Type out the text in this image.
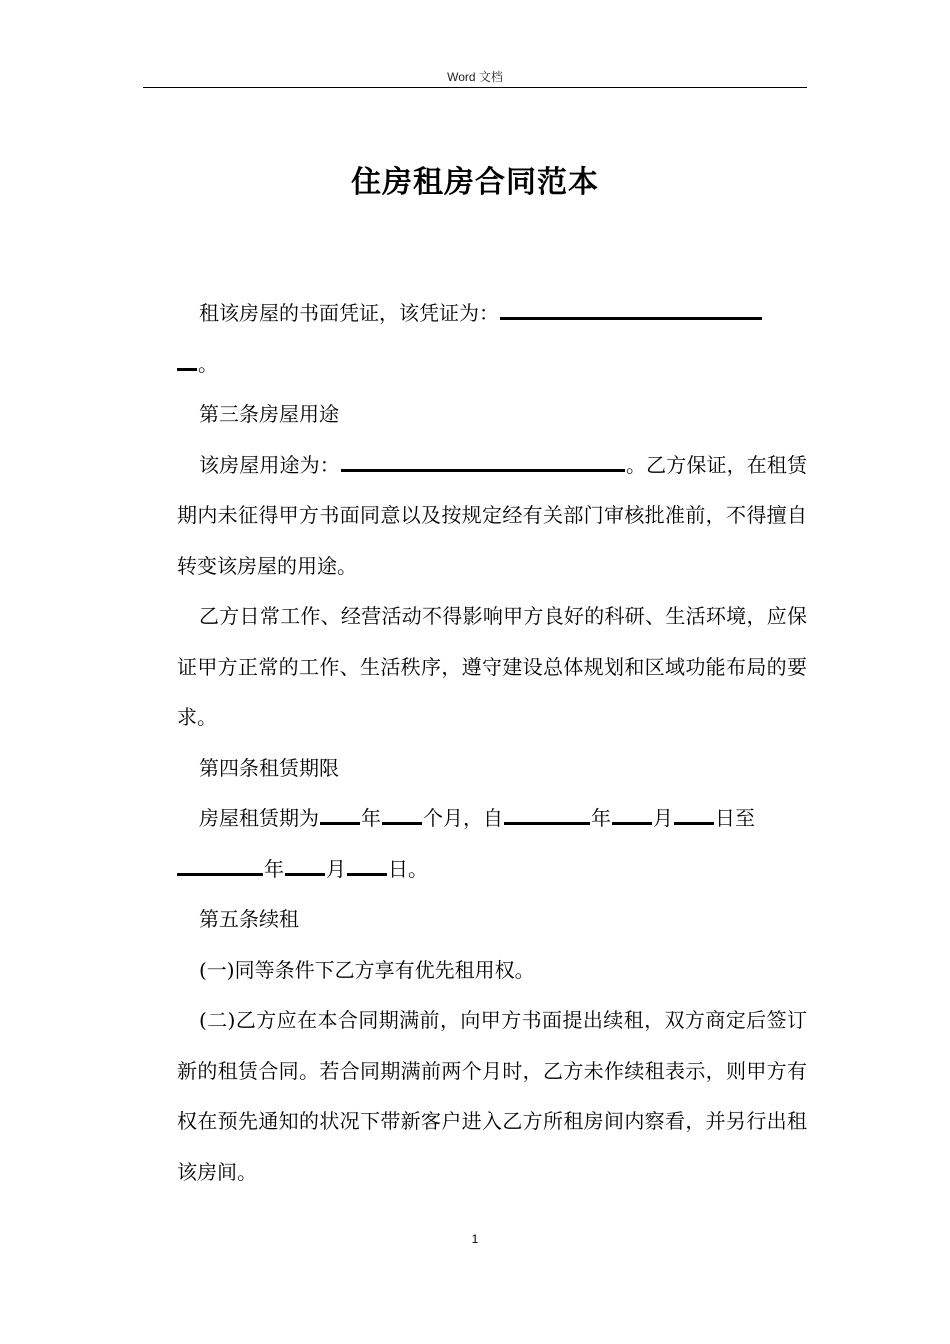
Word 文档
住房租房合同范本

租该房屋的书面凭证，该凭证为：
。

第三条房屋用途

该房屋用途为：	。乙方保证，在租赁期内未征得甲方书面同意以及按规定经有关部门审核批准前，不得擅自转变该房屋的用途。

乙方日常工作、经营活动不得影响甲方良好的科研、生活环境，应保证甲方正常的工作、生活秩序，遵守建设总体规划和区域功能布局的要求。

第四条租赁期限

房屋租赁期为 年 个月，自	年 月 日至
年 月 日。

第五条续租

(一)同等条件下乙方享有优先租用权。

(二)乙方应在本合同期满前，向甲方书面提出续租，双方商定后签订新的租赁合同。若合同期满前两个月时，乙方未作续租表示，则甲方有权在预先通知的状况下带新客户进入乙方所租房间内察看，并另行出租该房间。

1
